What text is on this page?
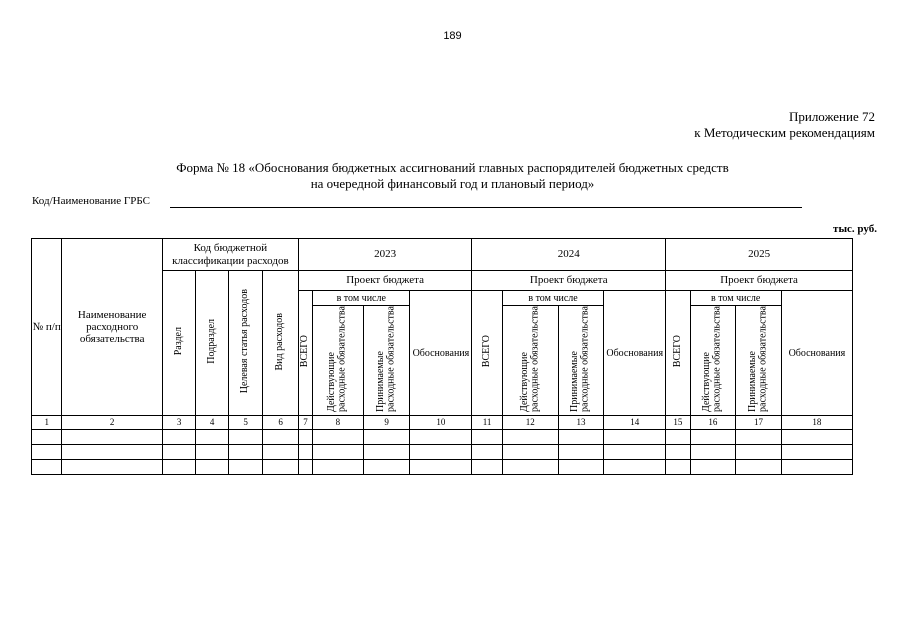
189
Приложение 72
к Методическим рекомендациям
Форма № 18 «Обоснования бюджетных ассигнований главных распорядителей бюджетных средств
на очередной финансовый год и плановый период»
Код/Наименование ГРБС
тыс. руб.
№ п/п	Наименование расходного обязательства	Код бюджетной классификации расходов				2023				2024				2025			
		Раздел	Подраздел	Целевая статья расходов	Вид расходов	Проект бюджета				Проект бюджета				Проект бюджета			
						ВСЕГО	в том числе		Обоснования	ВСЕГО	в том числе		Обоснования	ВСЕГО	в том числе		Обоснования
							Действующие расходные обязательства	Принимаемые расходные обязательства			Действующие расходные обязательства	Принимаемые расходные обязательства			Действующие расходные обязательства	Принимаемые расходные обязательства	
1	2	3	4	5	6	7	8	9	10	11	12	13	14	15	16	17	18
